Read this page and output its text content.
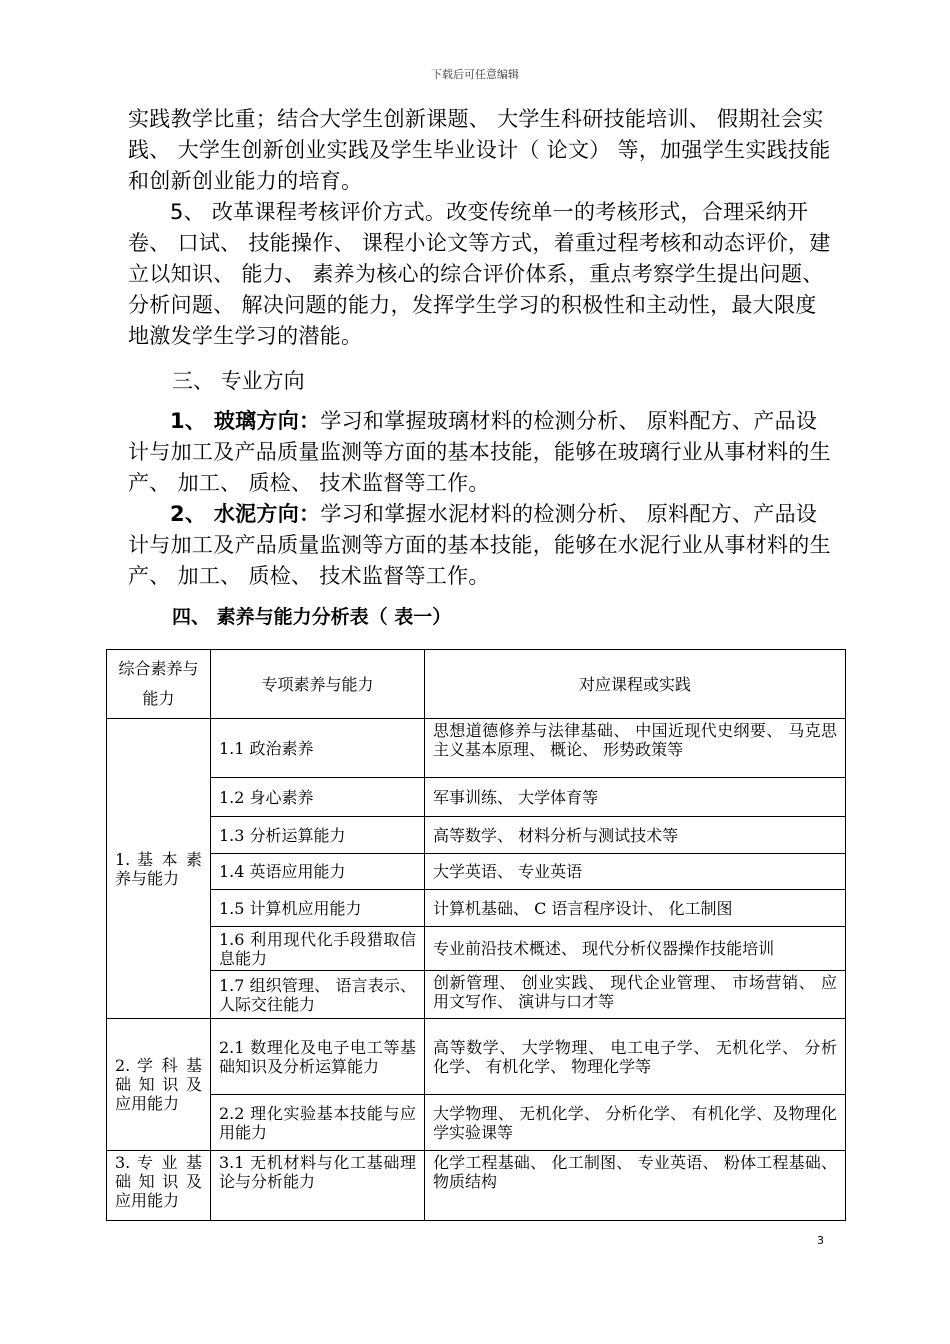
下载后可任意编辑
实践教学比重；结合大学生创新课题、 大学生科研技能培训、 假期社会实践、 大学生创新创业实践及学生毕业设计（ 论文） 等，加强学生实践技能和创新创业能力的培育。
5、 改革课程考核评价方式。改变传统单一的考核形式，合理采纳开卷、 口试、 技能操作、 课程小论文等方式，着重过程考核和动态评价，建立以知识、 能力、 素养为核心的综合评价体系，重点考察学生提出问题、 分析问题、 解决问题的能力，发挥学生学习的积极性和主动性，最大限度地激发学生学习的潜能。
三、 专业方向
1、 玻璃方向：学习和掌握玻璃材料的检测分析、 原料配方、产品设计与加工及产品质量监测等方面的基本技能，能够在玻璃行业从事材料的生产、 加工、 质检、 技术监督等工作。
2、 水泥方向：学习和掌握水泥材料的检测分析、 原料配方、产品设计与加工及产品质量监测等方面的基本技能，能够在水泥行业从事材料的生产、 加工、 质检、 技术监督等工作。
四、 素养与能力分析表（ 表一）
综合素养与能力	专项素养与能力	对应课程或实践
1. 基 本 素养与能力	1.1 政治素养	思想道德修养与法律基础、 中国近现代史纲要、 马克思主义基本原理、 概论、 形势政策等
	1.2 身心素养	军事训练、 大学体育等
	1.3 分析运算能力	高等数学、 材料分析与测试技术等
	1.4 英语应用能力	大学英语、 专业英语
	1.5 计算机应用能力	计算机基础、 C 语言程序设计、 化工制图
	1.6 利用现代化手段猎取信息能力	专业前沿技术概述、 现代分析仪器操作技能培训
	1.7 组织管理、 语言表示、 人际交往能力	创新管理、 创业实践、 现代企业管理、 市场营销、 应用文写作、 演讲与口才等
2. 学 科 基础 知 识 及应用能力	2.1 数理化及电子电工等基础知识及分析运算能力	高等数学、 大学物理、 电工电子学、 无机化学、 分析化学、 有机化学、 物理化学等
	2.2 理化实验基本技能与应用能力	大学物理、 无机化学、 分析化学、 有机化学、及物理化学实验课等
3. 专 业 基础 知 识 及应用能力	3.1 无机材料与化工基础理论与分析能力	化学工程基础、 化工制图、 专业英语、 粉体工程基础、 物质结构
3
